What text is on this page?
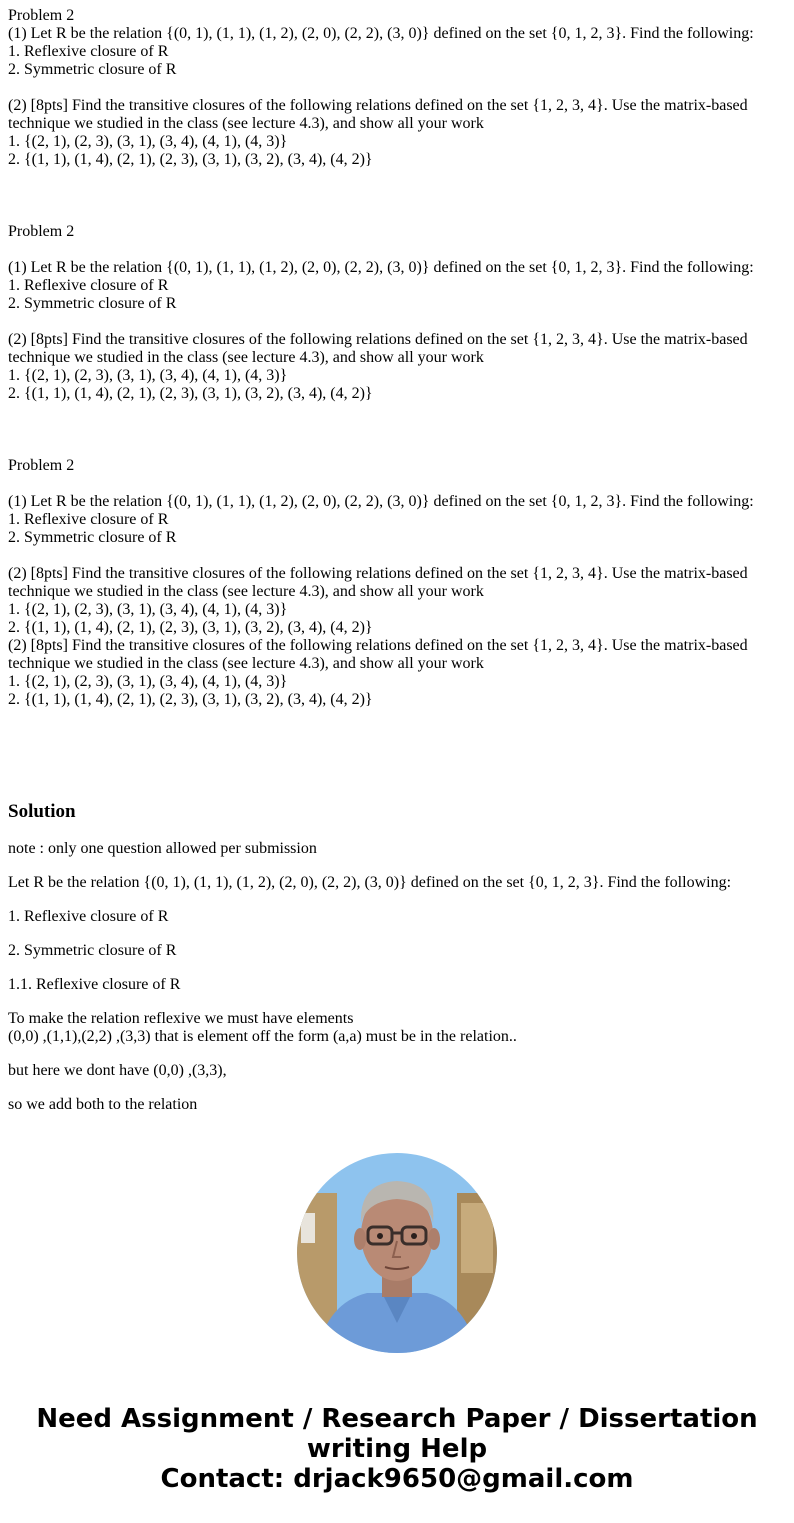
Problem 2
(1) Let R be the relation {(0, 1), (1, 1), (1, 2), (2, 0), (2, 2), (3, 0)} defined on the set {0, 1, 2, 3}. Find the following:
1. Reflexive closure of R
2. Symmetric closure of R
(2) [8pts] Find the transitive closures of the following relations defined on the set {1, 2, 3, 4}. Use the matrix-based
technique we studied in the class (see lecture 4.3), and show all your work
1. {(2, 1), (2, 3), (3, 1), (3, 4), (4, 1), (4, 3)}
2. {(1, 1), (1, 4), (2, 1), (2, 3), (3, 1), (3, 2), (3, 4), (4, 2)}
Problem 2
(1) Let R be the relation {(0, 1), (1, 1), (1, 2), (2, 0), (2, 2), (3, 0)} defined on the set {0, 1, 2, 3}. Find the following:
1. Reflexive closure of R
2. Symmetric closure of R
(2) [8pts] Find the transitive closures of the following relations defined on the set {1, 2, 3, 4}. Use the matrix-based
technique we studied in the class (see lecture 4.3), and show all your work
1. {(2, 1), (2, 3), (3, 1), (3, 4), (4, 1), (4, 3)}
2. {(1, 1), (1, 4), (2, 1), (2, 3), (3, 1), (3, 2), (3, 4), (4, 2)}
Problem 2
(1) Let R be the relation {(0, 1), (1, 1), (1, 2), (2, 0), (2, 2), (3, 0)} defined on the set {0, 1, 2, 3}. Find the following:
1. Reflexive closure of R
2. Symmetric closure of R
(2) [8pts] Find the transitive closures of the following relations defined on the set {1, 2, 3, 4}. Use the matrix-based
technique we studied in the class (see lecture 4.3), and show all your work
1. {(2, 1), (2, 3), (3, 1), (3, 4), (4, 1), (4, 3)}
2. {(1, 1), (1, 4), (2, 1), (2, 3), (3, 1), (3, 2), (3, 4), (4, 2)}
(2) [8pts] Find the transitive closures of the following relations defined on the set {1, 2, 3, 4}. Use the matrix-based
technique we studied in the class (see lecture 4.3), and show all your work
1. {(2, 1), (2, 3), (3, 1), (3, 4), (4, 1), (4, 3)}
2. {(1, 1), (1, 4), (2, 1), (2, 3), (3, 1), (3, 2), (3, 4), (4, 2)}
Solution

note : only one question allowed per submission

Let R be the relation {(0, 1), (1, 1), (1, 2), (2, 0), (2, 2), (3, 0)} defined on the set {0, 1, 2, 3}. Find the following:

1. Reflexive closure of R

2. Symmetric closure of R

1.1. Reflexive closure of R

To make the relation reflexive we must have elements
(0,0) ,(1,1),(2,2) ,(3,3) that is element off the form (a,a) must be in the relation..

but here we dont have (0,0) ,(3,3),

so we add both to the relation

Need Assignment / Research Paper / Dissertation
writing Help
Contact: drjack9650@gmail.com
